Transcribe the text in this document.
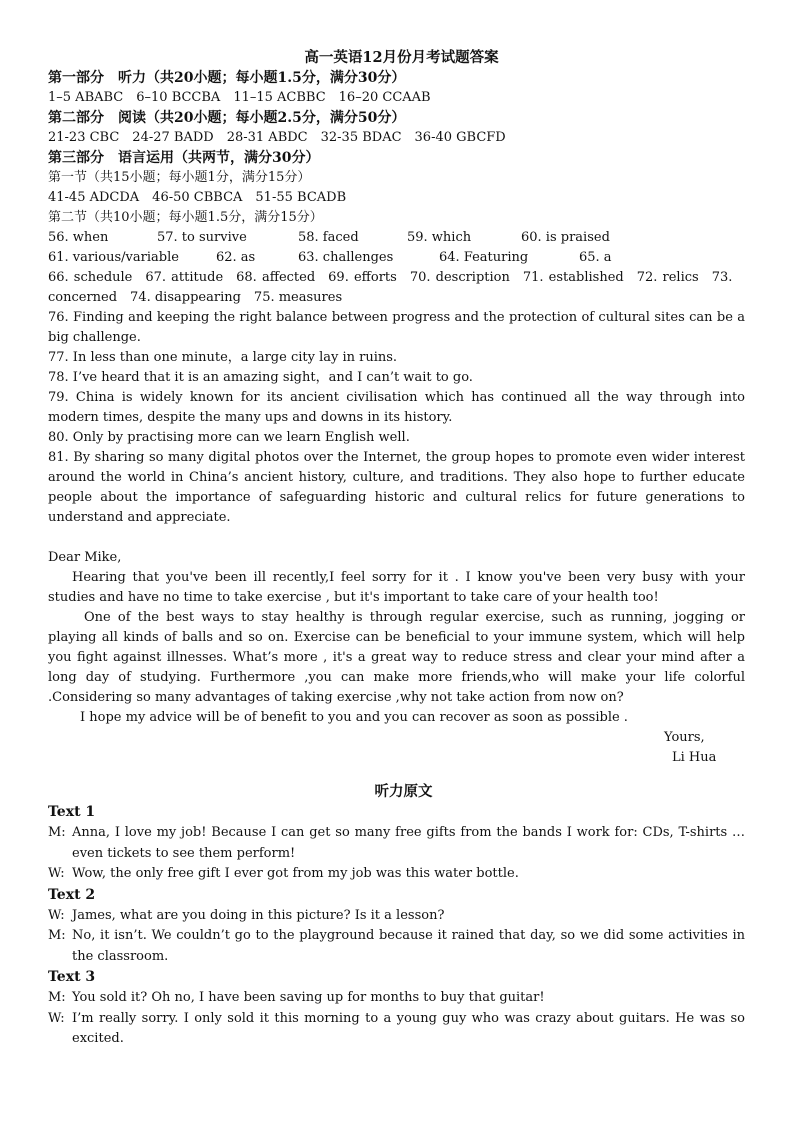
高一英语12月份月考试题答案
第一部分　听力（共20小题；每小题1.5分，满分30分）
1–5 ABABC　6–10 BCCBA　11–15 ACBBC　16–20 CCAAB
第二部分　阅读（共20小题；每小题2.5分，满分50分）
21-23 CBC　24-27 BADD　28-31 ABDC　32-35 BDAC　36-40 GBCFD
第三部分　语言运用（共两节，满分30分）
第一节（共15小题；每小题1分，满分15分）
41-45 ADCDA　46-50 CBBCA　51-55 BCADB
第二节（共10小题；每小题1.5分，满分15分）
56. when	57. to survive	58. faced	59. which	60. is praised
61. various/variable	62. as	63. challenges	64. Featuring	65. a
66. schedule　67. attitude　68. affected　69. efforts　70. description　71. established　72. relics　73.
concerned　74. disappearing　75. measures
76. Finding and keeping the right balance between progress and the protection of cultural sites can be a big challenge.
77. In less than one minute，a large city lay in ruins.
78. I’ve heard that it is an amazing sight，and I can’t wait to go.
79. China is widely known for its ancient civilisation which has continued all the way through into modern times, despite the many ups and downs in its history.
80. Only by practising more can we learn English well.
81. By sharing so many digital photos over the Internet, the group hopes to promote even wider interest around the world in China’s ancient history, culture, and traditions. They also hope to further educate people about the importance of safeguarding historic and cultural relics for future generations to understand and appreciate.

Dear Mike,

Hearing that you've been ill recently,I feel sorry for it . I know you've been very busy with your studies and have no time to take exercise , but it's important to take care of your health too!

One of the best ways to stay healthy is through regular exercise, such as running, jogging or playing all kinds of balls and so on. Exercise can be beneficial to your immune system, which will help you fight against illnesses. What’s more , it's a great way to reduce stress and clear your mind after a long day of studying. Furthermore ,you can make more friends,who will make your life colorful .Considering so many advantages of taking exercise ,why not take action from now on?

I hope my advice will be of benefit to you and you can recover as soon as possible .

Yours,
Li Hua
听力原文
Text 1
M: Anna, I love my job! Because I can get so many free gifts from the bands I work for: CDs, T-shirts … even tickets to see them perform!
W: Wow, the only free gift I ever got from my job was this water bottle.
Text 2
W: James, what are you doing in this picture? Is it a lesson?
M: No, it isn’t. We couldn’t go to the playground because it rained that day, so we did some activities in the classroom.
Text 3
M: You sold it? Oh no, I have been saving up for months to buy that guitar!
W: I’m really sorry. I only sold it this morning to a young guy who was crazy about guitars. He was so excited.
